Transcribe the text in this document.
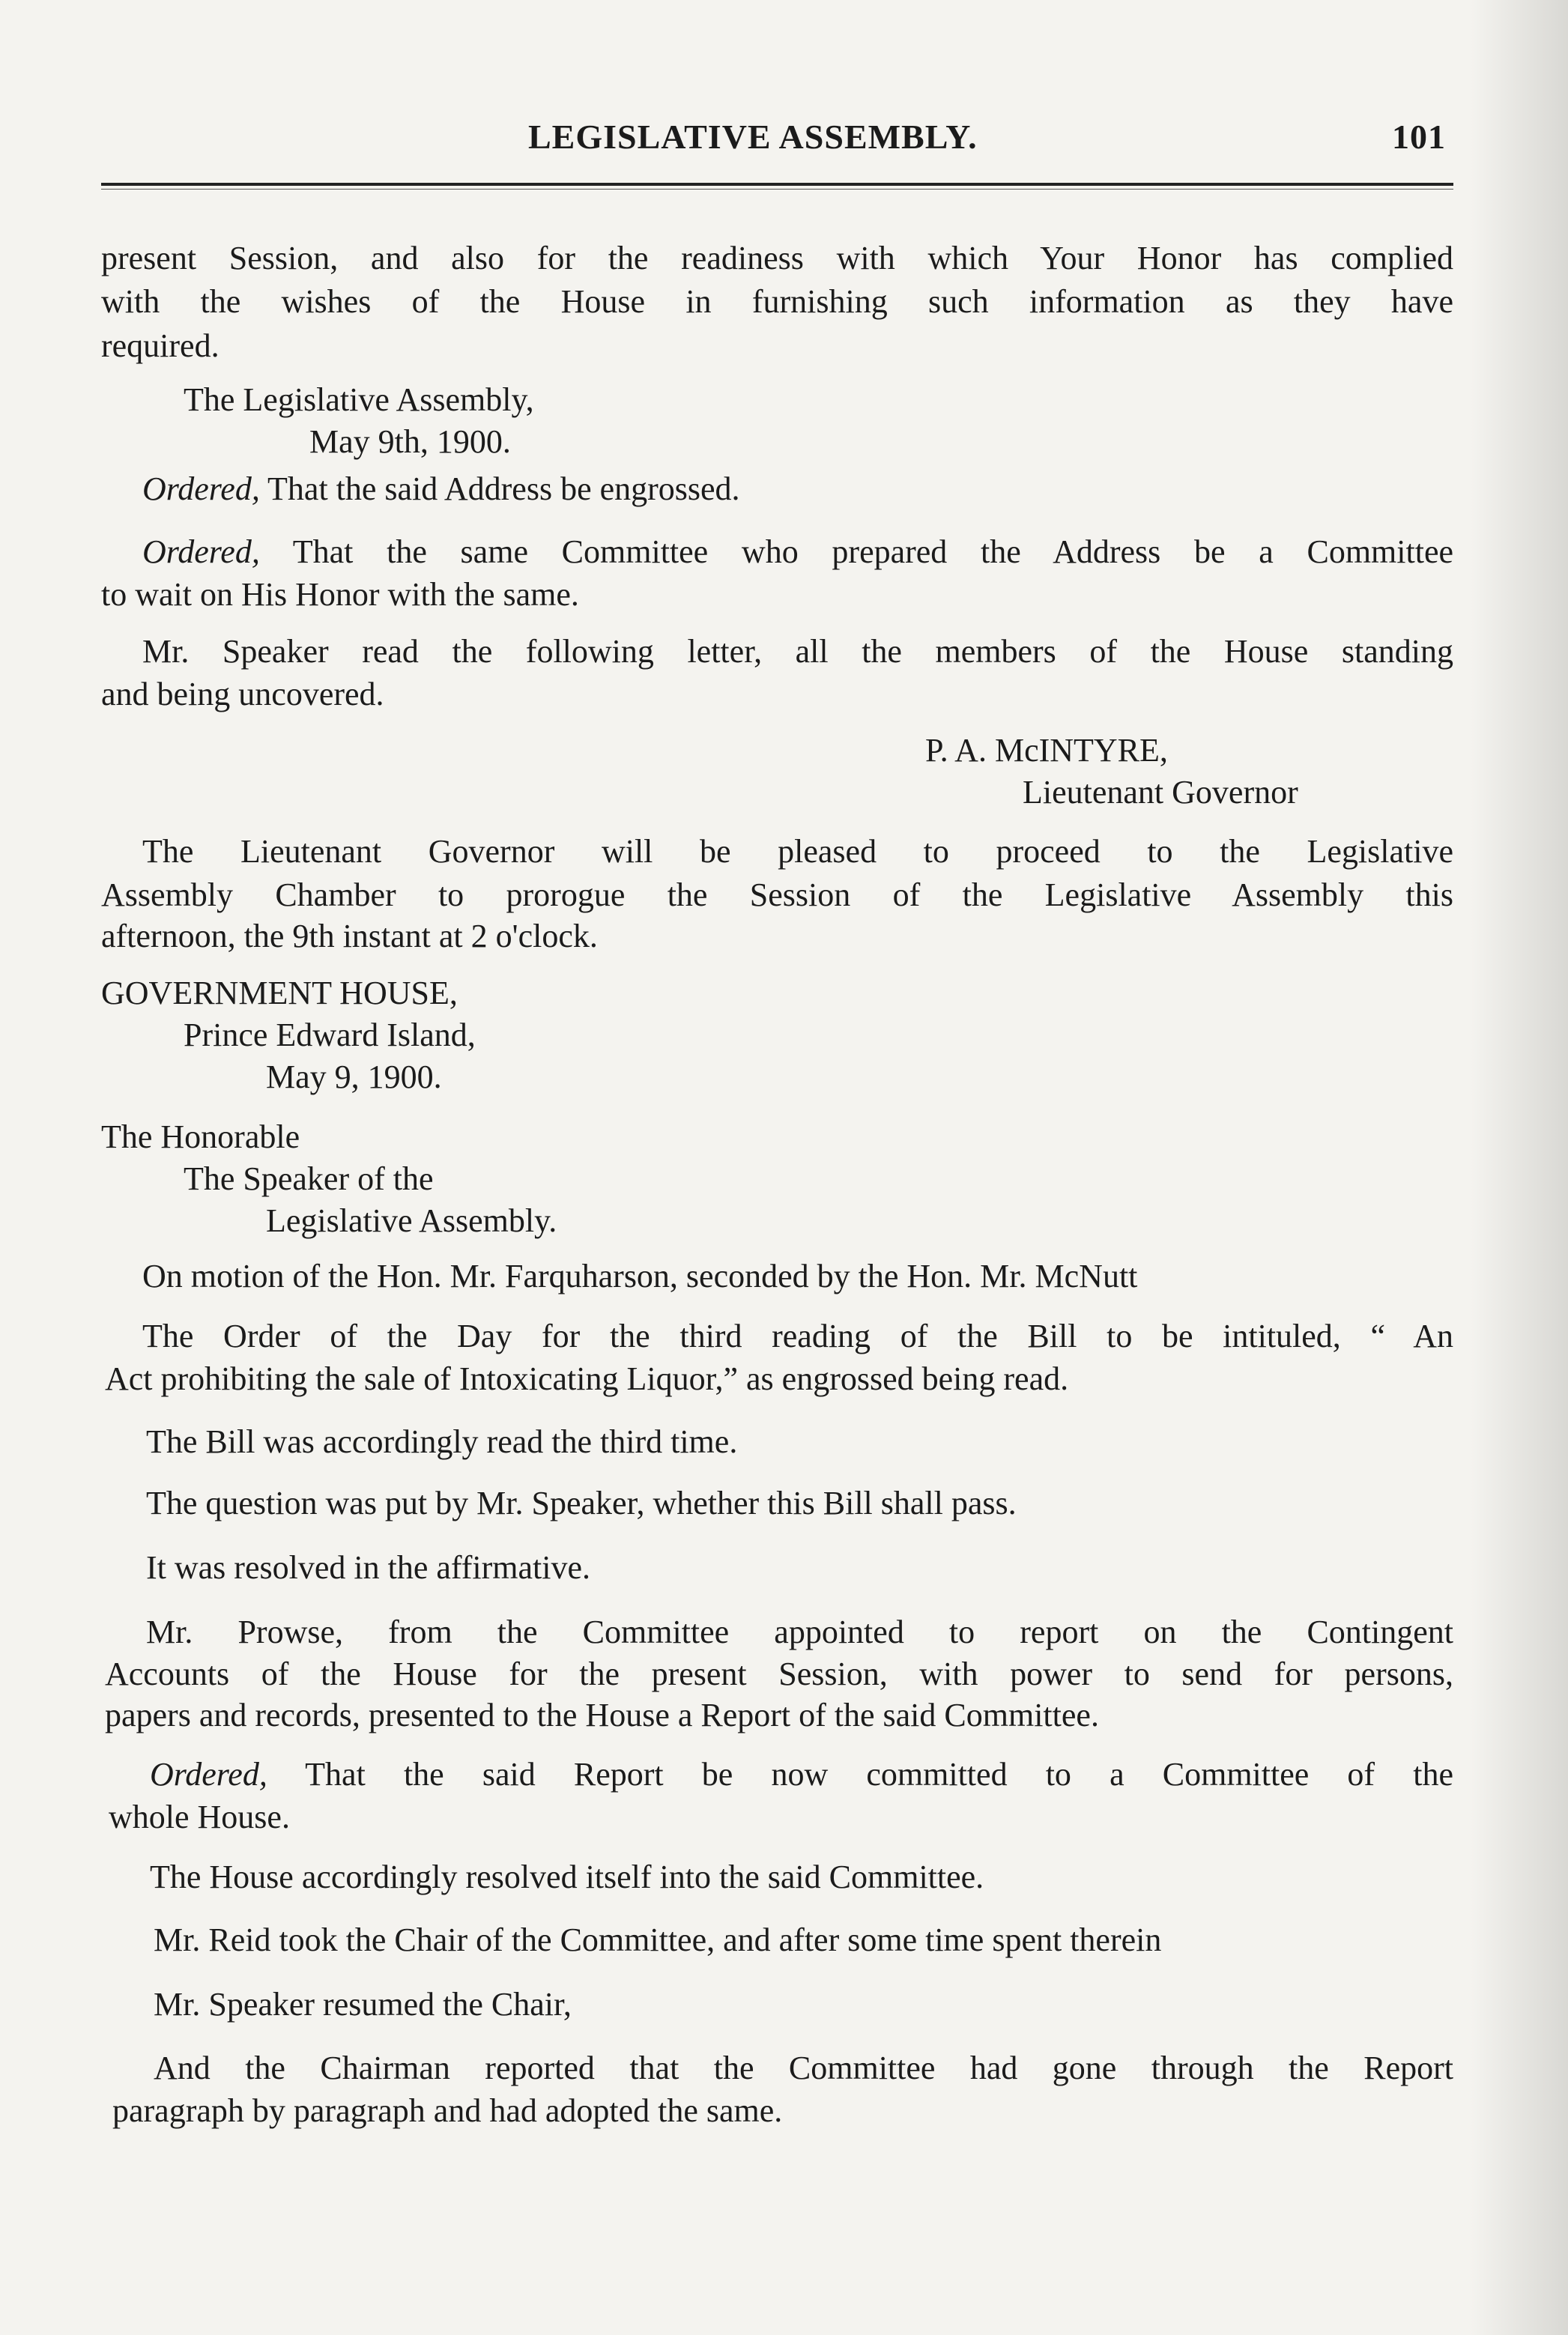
LEGISLATIVE ASSEMBLY.	101
present Session, and also for the readiness with which Your Honor has complied
with the wishes of the House in furnishing such information as they have
required.
The Legislative Assembly,
May 9th, 1900.
Ordered, That the said Address be engrossed.
Ordered, That the same Committee who prepared the Address be a Committee
to wait on His Honor with the same.
Mr. Speaker read the following letter, all the members of the House standing
and being uncovered.
P. A. McINTYRE,
Lieutenant Governor
The Lieutenant Governor will be pleased to proceed to the Legislative
Assembly Chamber to prorogue the Session of the Legislative Assembly this
afternoon, the 9th instant at 2 o'clock.
GOVERNMENT HOUSE,
Prince Edward Island,
May 9, 1900.
The Honorable
The Speaker of the
Legislative Assembly.
On motion of the Hon. Mr. Farquharson, seconded by the Hon. Mr. McNutt
The Order of the Day for the third reading of the Bill to be intituled, “ An
Act prohibiting the sale of Intoxicating Liquor,” as engrossed being read.
The Bill was accordingly read the third time.
The question was put by Mr. Speaker, whether this Bill shall pass.
It was resolved in the affirmative.
Mr. Prowse, from the Committee appointed to report on the Contingent
Accounts of the House for the present Session, with power to send for persons,
papers and records, presented to the House a Report of the said Committee.
Ordered, That the said Report be now committed to a Committee of the
whole House.
The House accordingly resolved itself into the said Committee.
Mr. Reid took the Chair of the Committee, and after some time spent therein
Mr. Speaker resumed the Chair,
And the Chairman reported that the Committee had gone through the Report
paragraph by paragraph and had adopted the same.
